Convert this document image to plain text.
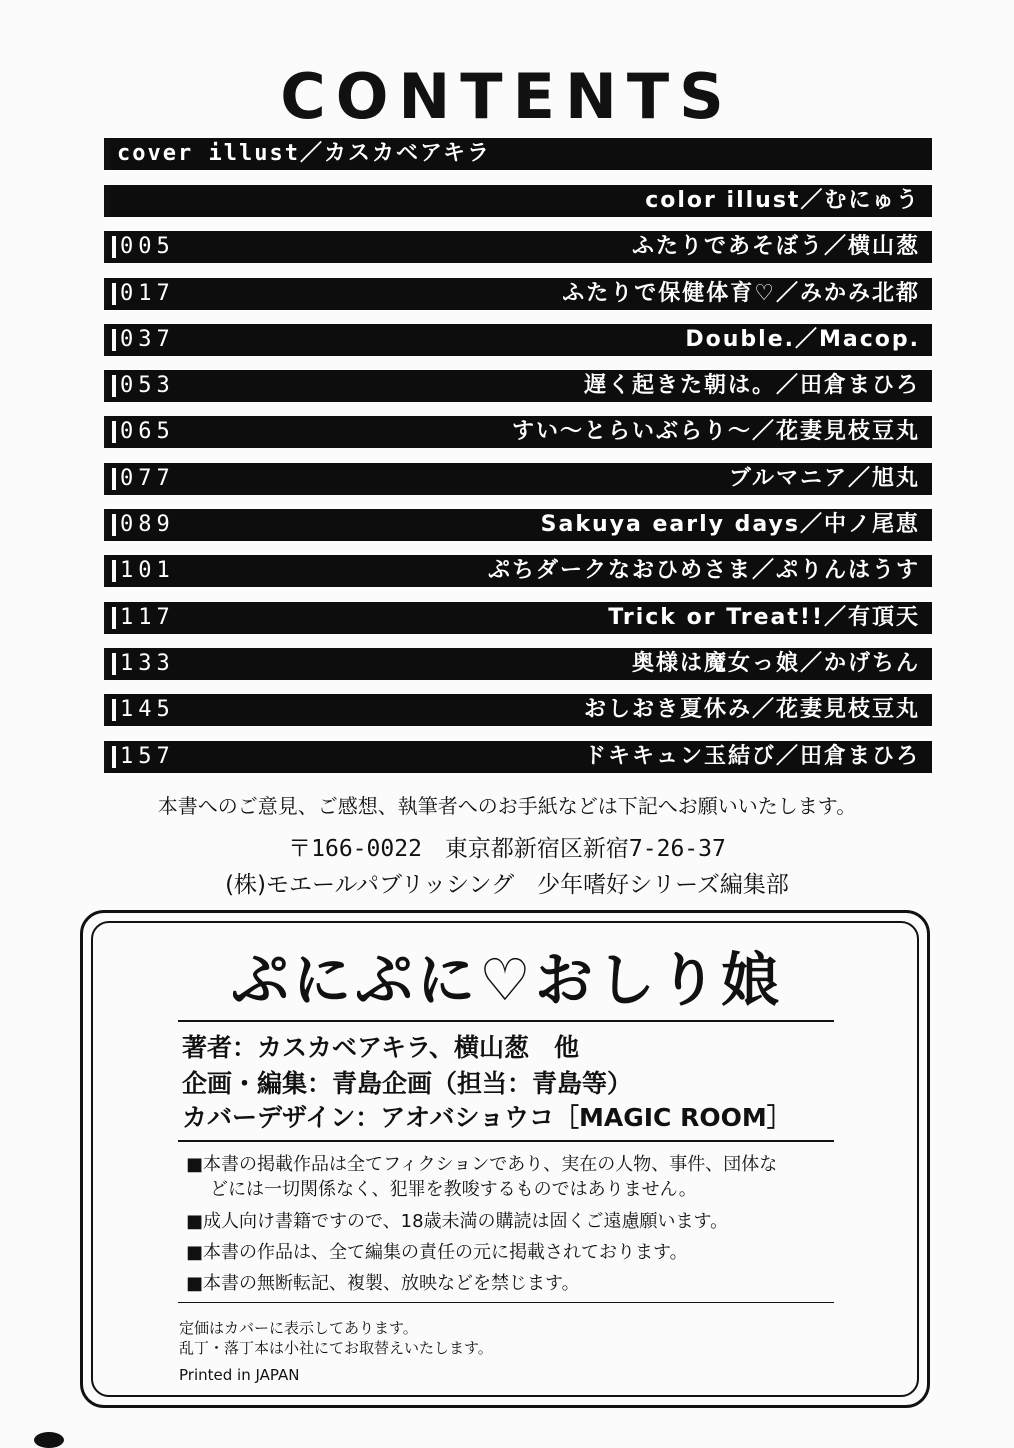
CONTENTS
cover illust／カスカベアキラ
color illust／むにゅう
005	ふたりであそぼう／横山葱
017	ふたりで保健体育♡／みかみ北都
037	Double.／Macop.
053	遅く起きた朝は。／田倉まひろ
065	すい～とらいぶらり～／花妻見枝豆丸
077	ブルマニア／旭丸
089	Sakuya early days／中ノ尾恵
101	ぷちダークなおひめさま／ぷりんはうす
117	Trick or Treat!!／有頂天
133	奥様は魔女っ娘／かげちん
145	おしおき夏休み／花妻見枝豆丸
157	ドキキュン玉結び／田倉まひろ
本書へのご意見、ご感想、執筆者へのお手紙などは下記へお願いいたします。
〒166-0022　東京都新宿区新宿7-26-37
(株)モエールパブリッシング　少年嗜好シリーズ編集部
ぷにぷに♡おしり娘
著者：カスカベアキラ、横山葱　他
企画・編集：青島企画（担当：青島等）
カバーデザイン：アオバショウコ［MAGIC ROOM］
■本書の掲載作品は全てフィクションであり、実在の人物、事件、団体な
どには一切関係なく、犯罪を教唆するものではありません。
■成人向け書籍ですので、18歳未満の購読は固くご遠慮願います。
■本書の作品は、全て編集の責任の元に掲載されております。
■本書の無断転記、複製、放映などを禁じます。
定価はカバーに表示してあります。
乱丁・落丁本は小社にてお取替えいたします。
Printed in JAPAN
